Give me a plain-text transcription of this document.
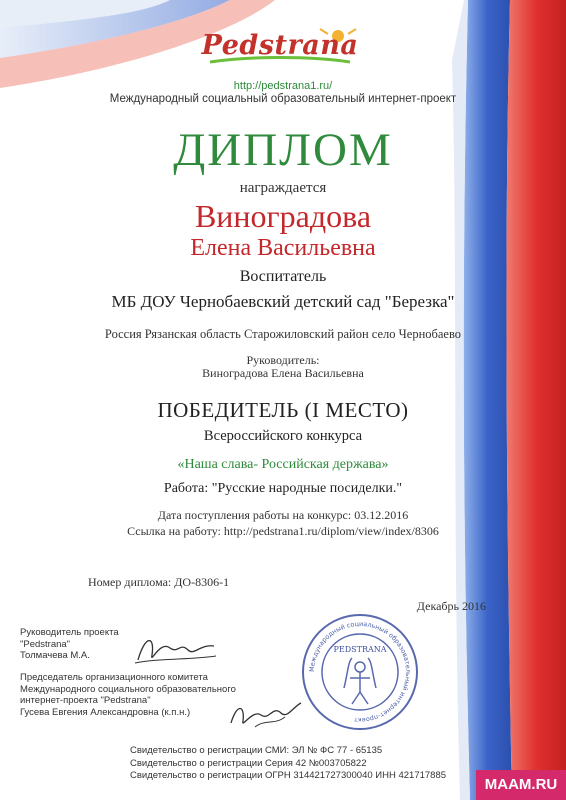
Pedstrana
http://pedstrana1.ru/
Международный социальный образовательный интернет-проект
ДИПЛОМ
награждается
Виноградова
Елена Васильевна
Воспитатель
МБ ДОУ Чернобаевский детский сад "Березка"
Россия Рязанская область Старожиловский район село Чернобаево
Руководитель:
Виноградова Елена Васильевна
ПОБЕДИТЕЛЬ (I МЕСТО)
Всероссийского конкурса
«Наша слава- Российская держава»
Работа: "Русские народные посиделки."
Дата поступления работы на конкурс: 03.12.2016
Ссылка на работу: http://pedstrana1.ru/diplom/view/index/8306
Номер диплома: ДО-8306-1
Декабрь 2016
Руководитель проекта
"Pedstrana"
Толмачева М.А.
Председатель организационного комитета
Международного социального образовательного
интернет-проекта "Pedstrana"
Гусева Евгения Александровна (к.п.н.)
Международный социальный образовательный интернет-проект
PEDSTRANA
Свидетельство о регистрации СМИ: ЭЛ № ФС 77 - 65135
Свидетельство о регистрации Серия 42 №003705822
Свидетельство о регистрации ОГРН 314421727300040 ИНН 421717885
MAAM.RU
